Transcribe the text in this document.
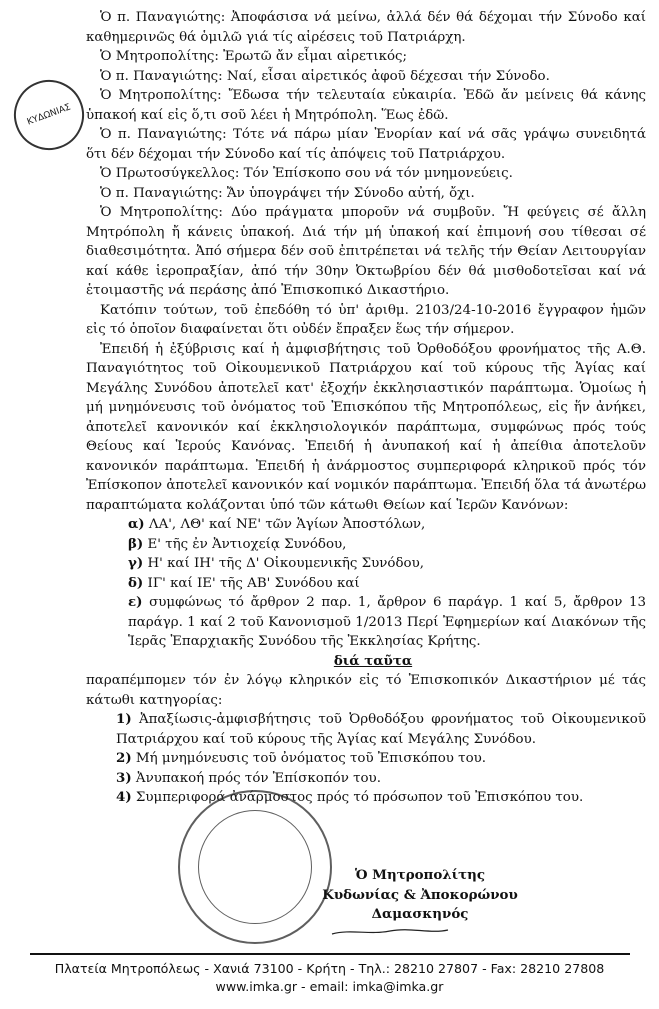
ΚΥΔΩΝΙΑΣ

Ὁ π. Παναγιώτης: Ἀποφάσισα νά μείνω, ἀλλά δέν θά δέχομαι τήν Σύνοδο καί καθημερινῶς θά ὁμιλῶ γιά τίς αἱρέσεις τοῦ Πατριάρχη.

Ὁ Μητροπολίτης: Ἐρωτῶ ἄν εἶμαι αἱρετικός;

Ὁ π. Παναγιώτης: Ναί, εἶσαι αἱρετικός ἀφοῦ δέχεσαι τήν Σύνοδο.

Ὁ Μητροπολίτης: Ἔδωσα τήν τελευταία εὐκαιρία. Ἐδῶ ἄν μείνεις θά κάνης ὑπακοή καί εἰς ὅ,τι σοῦ λέει ἡ Μητρόπολη. Ἕως ἐδῶ.

Ὁ π. Παναγιώτης: Τότε νά πάρω μίαν Ἐνορίαν καί νά σᾶς γράψω συνειδητά ὅτι δέν δέχομαι τήν Σύνοδο καί τίς ἀπόψεις τοῦ Πατριάρχου.

Ὁ Πρωτοσύγκελλος: Τόν Ἐπίσκοπο σου νά τόν μνημονεύεις.

Ὁ π. Παναγιώτης: Ἄν ὑπογράψει τήν Σύνοδο αὐτή, ὄχι.

Ὁ Μητροπολίτης: Δύο πράγματα μποροῦν νά συμβοῦν. Ἤ φεύγεις σέ ἄλλη Μητρόπολη ἤ κάνεις ὑπακοή. Διά τήν μή ὑπακοή καί ἐπιμονή σου τίθεσαι σέ διαθεσιμότητα. Ἀπό σήμερα δέν σοῦ ἐπιτρέπεται νά τελῆς τήν Θείαν Λειτουργίαν καί κάθε ἱεροπραξίαν, ἀπό τήν 30ην Ὀκτωβρίου δέν θά μισθοδοτεῖσαι καί νά ἑτοιμαστῆς νά περάσης ἀπό Ἐπισκοπικό Δικαστήριο.

Κατόπιν τούτων, τοῦ ἐπεδόθη τό ὑπ' ἀριθμ. 2103/24-10-2016 ἔγγραφον ἡμῶν εἰς τό ὁποῖον διαφαίνεται ὅτι οὐδέν ἔπραξεν ἕως τήν σήμερον.

Ἐπειδή ἡ ἐξύβρισις καί ἡ ἀμφισβήτησις τοῦ Ὀρθοδόξου φρονήματος τῆς Α.Θ. Παναγιότητος τοῦ Οἰκουμενικοῦ Πατριάρχου καί τοῦ κύρους τῆς Ἁγίας καί Μεγάλης Συνόδου ἀποτελεῖ κατ' ἐξοχήν ἐκκλησιαστικόν παράπτωμα. Ὁμοίως ἡ μή μνημόνευσις τοῦ ὀνόματος τοῦ Ἐπισκόπου τῆς Μητροπόλεως, εἰς ἥν ἀνήκει, ἀποτελεῖ κανονικόν καί ἐκκλησιολογικόν παράπτωμα, συμφώνως πρός τούς Θείους καί Ἱερούς Κανόνας. Ἐπειδή ἡ ἀνυπακοή καί ἡ ἀπείθια ἀποτελοῦν κανονικόν παράπτωμα. Ἐπειδή ἡ ἀνάρμοστος συμπεριφορά κληρικοῦ πρός τόν Ἐπίσκοπον ἀποτελεῖ κανονικόν καί νομικόν παράπτωμα. Ἐπειδή ὅλα τά ἀνωτέρω παραπτώματα κολάζονται ὑπό τῶν κάτωθι Θείων καί Ἱερῶν Κανόνων:

α) ΛΑ', ΛΘ' καί ΝΕ' τῶν Ἁγίων Ἀποστόλων,
β) Ε' τῆς ἐν Ἀντιοχείᾳ Συνόδου,
γ) Η' καί ΙΗ' τῆς Δ' Οἰκουμενικῆς Συνόδου,
δ) ΙΓ' καί ΙΕ' τῆς ΑΒ' Συνόδου καί
ε) συμφώνως τό ἄρθρον 2 παρ. 1, ἄρθρον 6 παράγρ. 1 καί 5, ἄρθρον 13 παράγρ. 1 καί 2 τοῦ Κανονισμοῦ 1/2013 Περί Ἐφημερίων καί Διακόνων τῆς Ἱερᾶς Ἐπαρχιακῆς Συνόδου τῆς Ἐκκλησίας Κρήτης.

διά ταῦτα

παραπέμπομεν τόν ἐν λόγῳ κληρικόν εἰς τό Ἐπισκοπικόν Δικαστήριον μέ τάς κάτωθι κατηγορίας:

1) Ἀπαξίωσις-ἀμφισβήτησις τοῦ Ὀρθοδόξου φρονήματος τοῦ Οἰκουμενικοῦ Πατριάρχου καί τοῦ κύρους τῆς Ἁγίας καί Μεγάλης Συνόδου.
2) Μή μνημόνευσις τοῦ ὀνόματος τοῦ Ἐπισκόπου του.
3) Ἀνυπακοή πρός τόν Ἐπίσκοπόν του.
4) Συμπεριφορά ἀνάρμοστος πρός τό πρόσωπον τοῦ Ἐπισκόπου του.
Ὁ Μητροπολίτης
Κυδωνίας & Ἀποκορώνου
Δαμασκηνός
Πλατεία Μητροπόλεως - Χανιά 73100 - Κρήτη - Τηλ.: 28210 27807 - Fax: 28210 27808
www.imka.gr - email: imka@imka.gr
